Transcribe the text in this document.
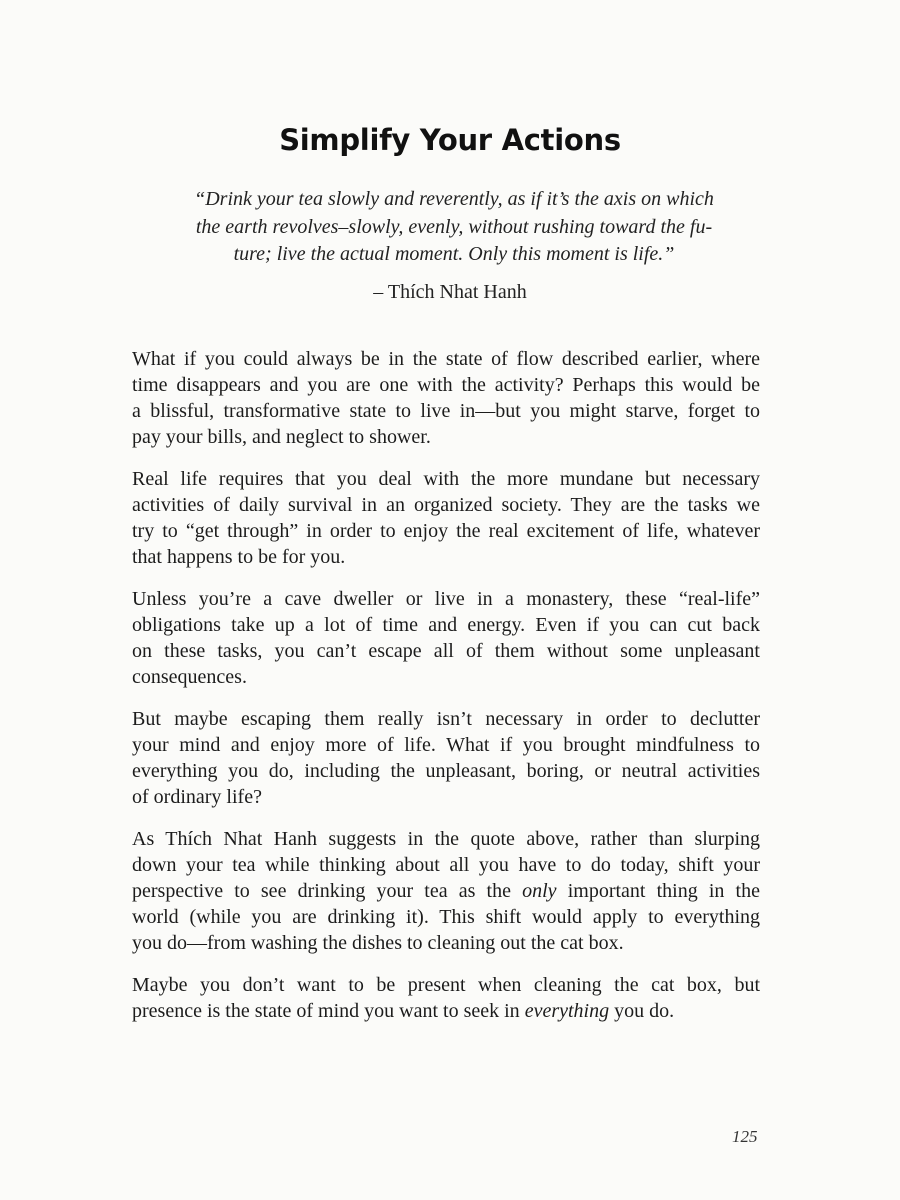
Simplify Your Actions
“Drink your tea slowly and reverently, as if it’s the axis on which
the earth revolves–slowly, evenly, without rushing toward the fu-
ture; live the actual moment. Only this moment is life.”
– Thích Nhat Hanh

What if you could always be in the state of flow described earlier, where
time disappears and you are one with the activity? Perhaps this would be
a blissful, transformative state to live in—but you might starve, forget to
pay your bills, and neglect to shower.

Real life requires that you deal with the more mundane but necessary
activities of daily survival in an organized society. They are the tasks we
try to “get through” in order to enjoy the real excitement of life, whatever
that happens to be for you.

Unless you’re a cave dweller or live in a monastery, these “real-life”
obligations take up a lot of time and energy. Even if you can cut back
on these tasks, you can’t escape all of them without some unpleasant
consequences.

But maybe escaping them really isn’t necessary in order to declutter
your mind and enjoy more of life. What if you brought mindfulness to
everything you do, including the unpleasant, boring, or neutral activities
of ordinary life?

As Thích Nhat Hanh suggests in the quote above, rather than slurping
down your tea while thinking about all you have to do today, shift your
perspective to see drinking your tea as the only important thing in the
world (while you are drinking it). This shift would apply to everything
you do—from washing the dishes to cleaning out the cat box.

Maybe you don’t want to be present when cleaning the cat box, but
presence is the state of mind you want to seek in everything you do.

125
